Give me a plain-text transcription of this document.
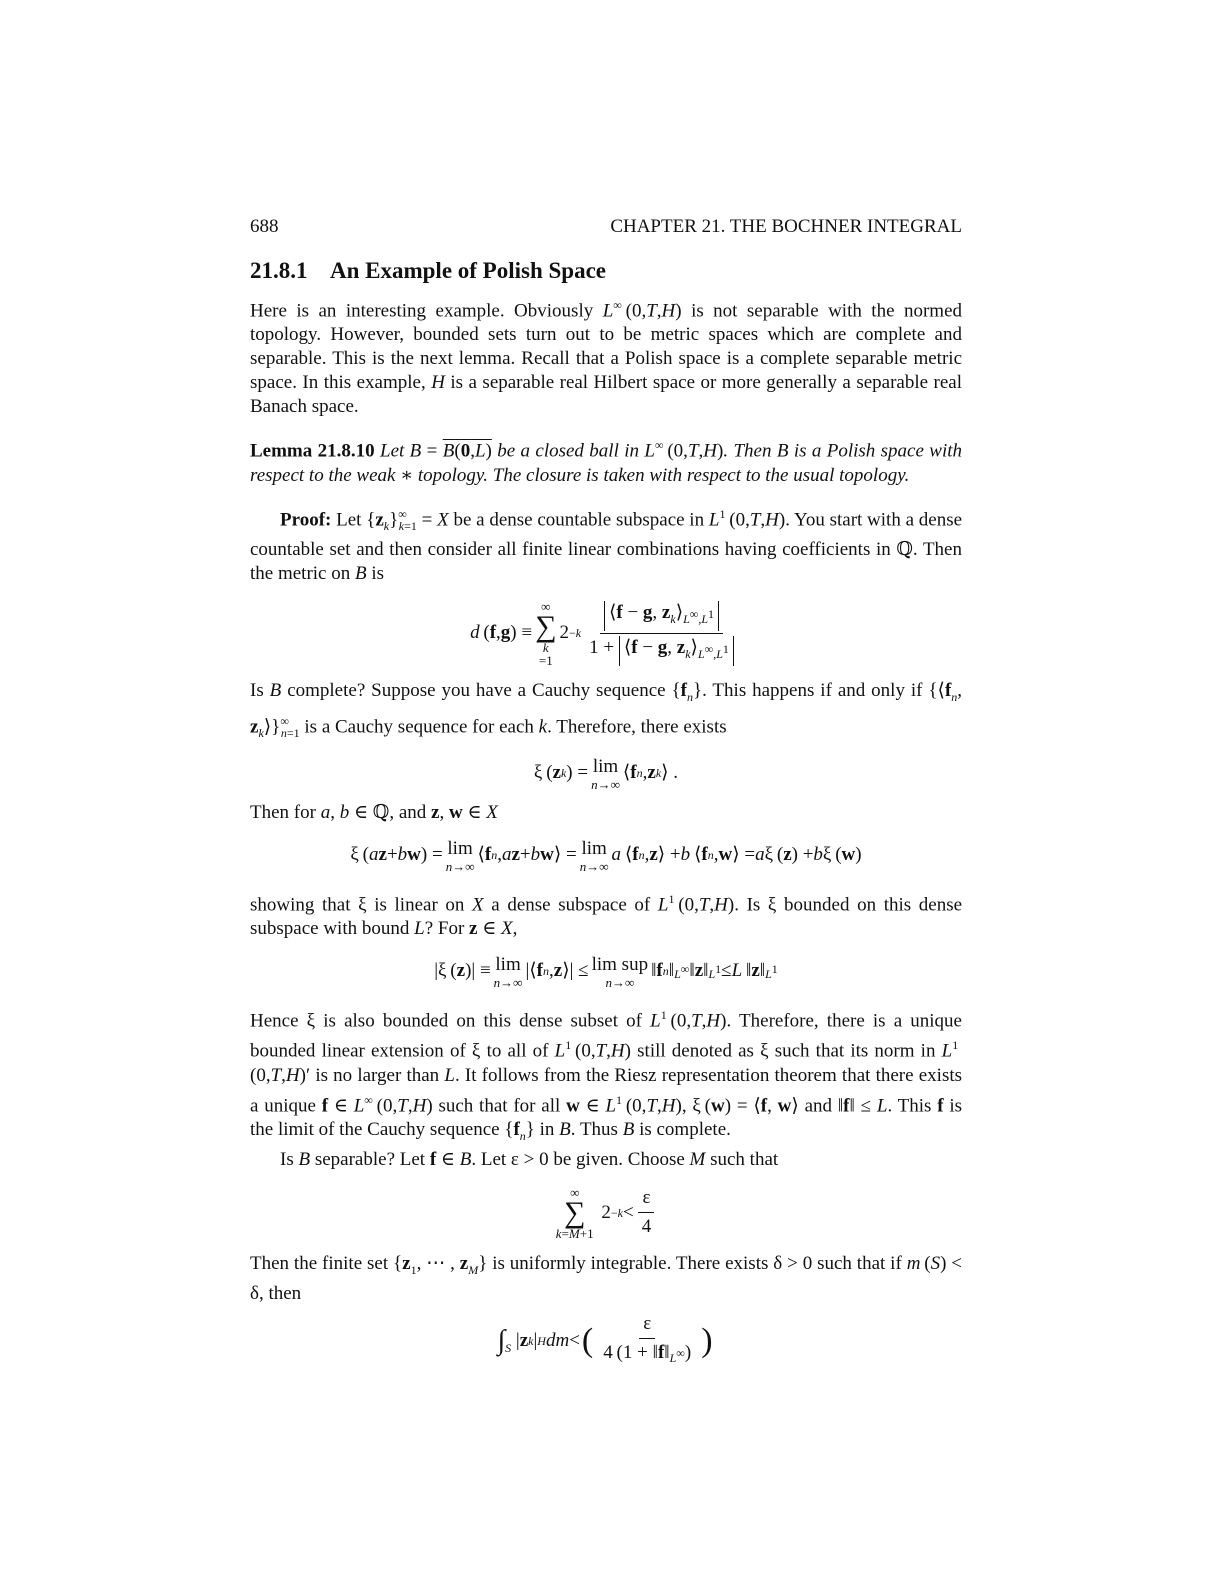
688	CHAPTER 21. THE BOCHNER INTEGRAL
21.8.1 An Example of Polish Space

Here is an interesting example. Obviously L∞ (0,T,H) is not separable with the normed topology. However, bounded sets turn out to be metric spaces which are complete and separable. This is the next lemma. Recall that a Polish space is a complete separable metric space. In this example, H is a separable real Hilbert space or more generally a separable real Banach space.

Lemma 21.8.10 Let B = B(0,L) be a closed ball in L∞ (0,T,H). Then B is a Polish space with respect to the weak ∗ topology. The closure is taken with respect to the usual topology.

Proof: Let $\{z_k\}^\infty_{k=1} = X$ be a dense countable subspace in $L^1$ (0,T,H). You start with a dense countable set and then consider all finite linear combinations having coefficients in ℚ. Then the metric on B is

d  ( f , g ) ≡
∞
∑
k
=1
$2 -k \frac{⟨f - g, z_k⟩_{L^\infty,L^1}}{1 + ⟨f - g, z_k⟩_{L^\infty,L^1}}$

Is B complete? Suppose you have a Cauchy sequence $\{f_n\}$. This happens if and only if {$⟨f_n$, $z_k⟩\}^\infty_{n=1}$ is a Cauchy sequence for each k. Therefore, there exists

ξ ( z k ) = lim
n→∞
⟨ f n , z k ⟩ .

Then for a, b ∈ ℚ, and z, w ∈ X

ξ ( a z + b w ) = lim
n→∞
⟨ f n , a z + b w ⟩ = lim
n→∞
a  ⟨ f n , z ⟩ + b  ⟨ f n , w ⟩ = a ξ ( z ) + b ξ ( w )

showing that ξ is linear on X a dense subspace of $L^1$ (0,T,H). Is ξ bounded on this dense subspace with bound L? For z ∈ X,

|ξ ( z )| ≡ lim
n→∞
|⟨ f n , z ⟩| ≤ lim sup
n→∞
‖ f n ‖ L∞ ‖ z ‖ $L^1 \le L$  ‖ z ‖ $L^1$

Hence ξ is also bounded on this dense subset of $L^1$ (0,T,H). Therefore, there is a unique bounded linear extension of ξ to all of $L^1$ (0,T,H) still denoted as ξ such that its norm in $L^1$ (0,T,H)′ is no larger than L. It follows from the Riesz representation theorem that there exists a unique f ∈ L∞ (0,T,H) such that for all w ∈ $L^1$ (0,T,H), ξ (w) = ⟨f, w⟩ and ‖f‖ ≤ L. This f is the limit of the Cauchy sequence $\{f_n\}$ in B. Thus B is complete.

Is B separable? Let f ∈ B. Let ε > 0 be given. Choose M such that

∞
∑
k=M+1
$2 -k < \frac{\varepsilon}{4}$

Then the finite set {$z_1$, ⋯ , $z_M$} is uniformly integrable. There exists δ > 0 such that if m (S) < δ, then

$\int_S$ | z k | H dm < ( $\frac{\varepsilon}{4 (1 + ‖f‖_{L^\infty})}$ )
